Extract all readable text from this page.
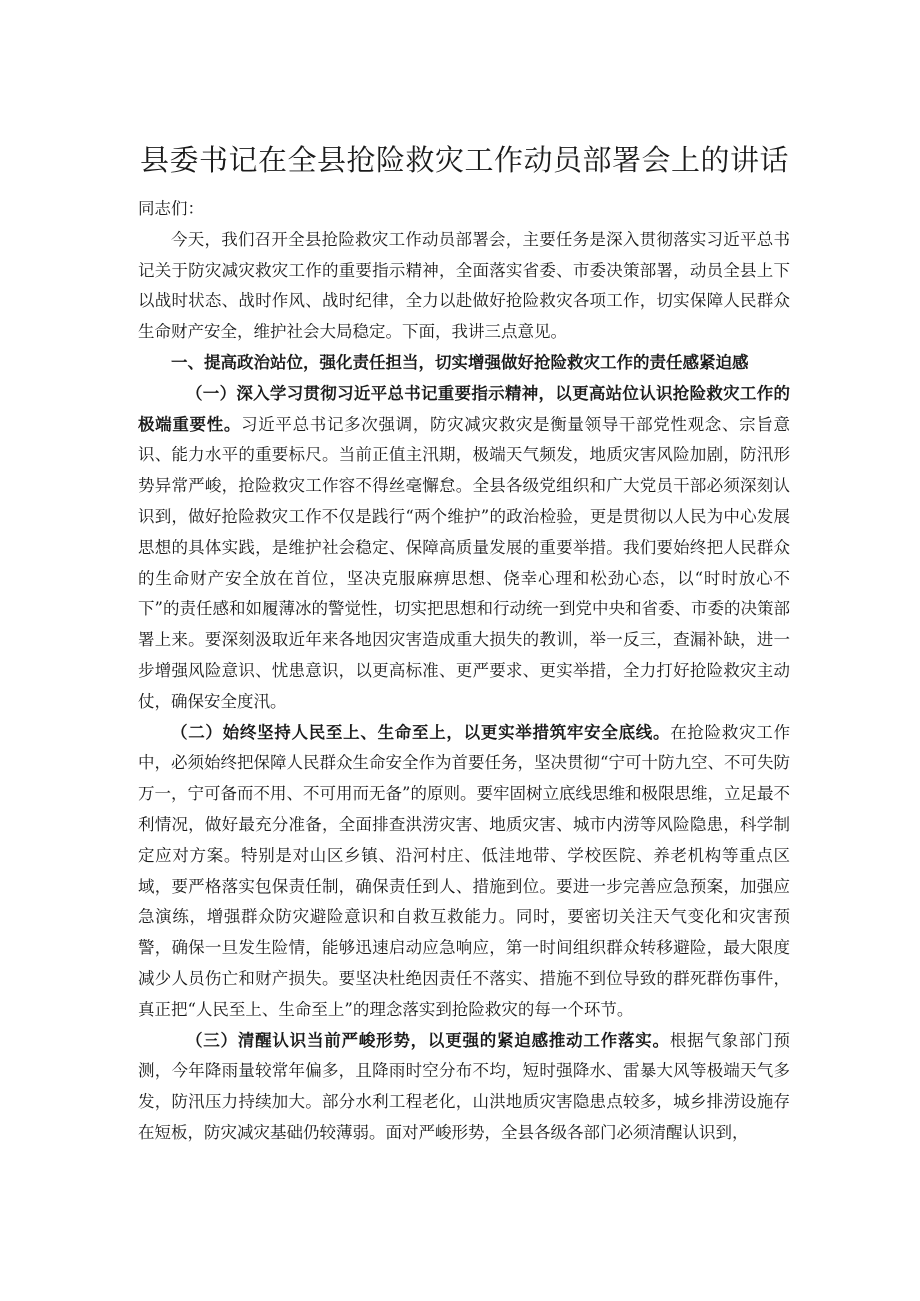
县委书记在全县抢险救灾工作动员部署会上的讲话

同志们：

今天，我们召开全县抢险救灾工作动员部署会，主要任务是深入贯彻落实习近平总书记关于防灾减灾救灾工作的重要指示精神，全面落实省委、市委决策部署，动员全县上下以战时状态、战时作风、战时纪律，全力以赴做好抢险救灾各项工作，切实保障人民群众生命财产安全，维护社会大局稳定。下面，我讲三点意见。

一、提高政治站位，强化责任担当，切实增强做好抢险救灾工作的责任感紧迫感

（一）深入学习贯彻习近平总书记重要指示精神，以更高站位认识抢险救灾工作的极端重要性。习近平总书记多次强调，防灾减灾救灾是衡量领导干部党性观念、宗旨意识、能力水平的重要标尺。当前正值主汛期，极端天气频发，地质灾害风险加剧，防汛形势异常严峻，抢险救灾工作容不得丝毫懈怠。全县各级党组织和广大党员干部必须深刻认识到，做好抢险救灾工作不仅是践行“两个维护”的政治检验，更是贯彻以人民为中心发展思想的具体实践，是维护社会稳定、保障高质量发展的重要举措。我们要始终把人民群众的生命财产安全放在首位，坚决克服麻痹思想、侥幸心理和松劲心态，以“时时放心不下”的责任感和如履薄冰的警觉性，切实把思想和行动统一到党中央和省委、市委的决策部署上来。要深刻汲取近年来各地因灾害造成重大损失的教训，举一反三，查漏补缺，进一步增强风险意识、忧患意识，以更高标准、更严要求、更实举措，全力打好抢险救灾主动仗，确保安全度汛。

（二）始终坚持人民至上、生命至上，以更实举措筑牢安全底线。在抢险救灾工作中，必须始终把保障人民群众生命安全作为首要任务，坚决贯彻“宁可十防九空、不可失防万一，宁可备而不用、不可用而无备”的原则。要牢固树立底线思维和极限思维，立足最不利情况，做好最充分准备，全面排查洪涝灾害、地质灾害、城市内涝等风险隐患，科学制定应对方案。特别是对山区乡镇、沿河村庄、低洼地带、学校医院、养老机构等重点区域，要严格落实包保责任制，确保责任到人、措施到位。要进一步完善应急预案，加强应急演练，增强群众防灾避险意识和自救互救能力。同时，要密切关注天气变化和灾害预警，确保一旦发生险情，能够迅速启动应急响应，第一时间组织群众转移避险，最大限度减少人员伤亡和财产损失。要坚决杜绝因责任不落实、措施不到位导致的群死群伤事件，真正把“人民至上、生命至上”的理念落实到抢险救灾的每一个环节。

（三）清醒认识当前严峻形势，以更强的紧迫感推动工作落实。根据气象部门预测，今年降雨量较常年偏多，且降雨时空分布不均，短时强降水、雷暴大风等极端天气多发，防汛压力持续加大。部分水利工程老化，山洪地质灾害隐患点较多，城乡排涝设施存在短板，防灾减灾基础仍较薄弱。面对严峻形势，全县各级各部门必须清醒认识到，
